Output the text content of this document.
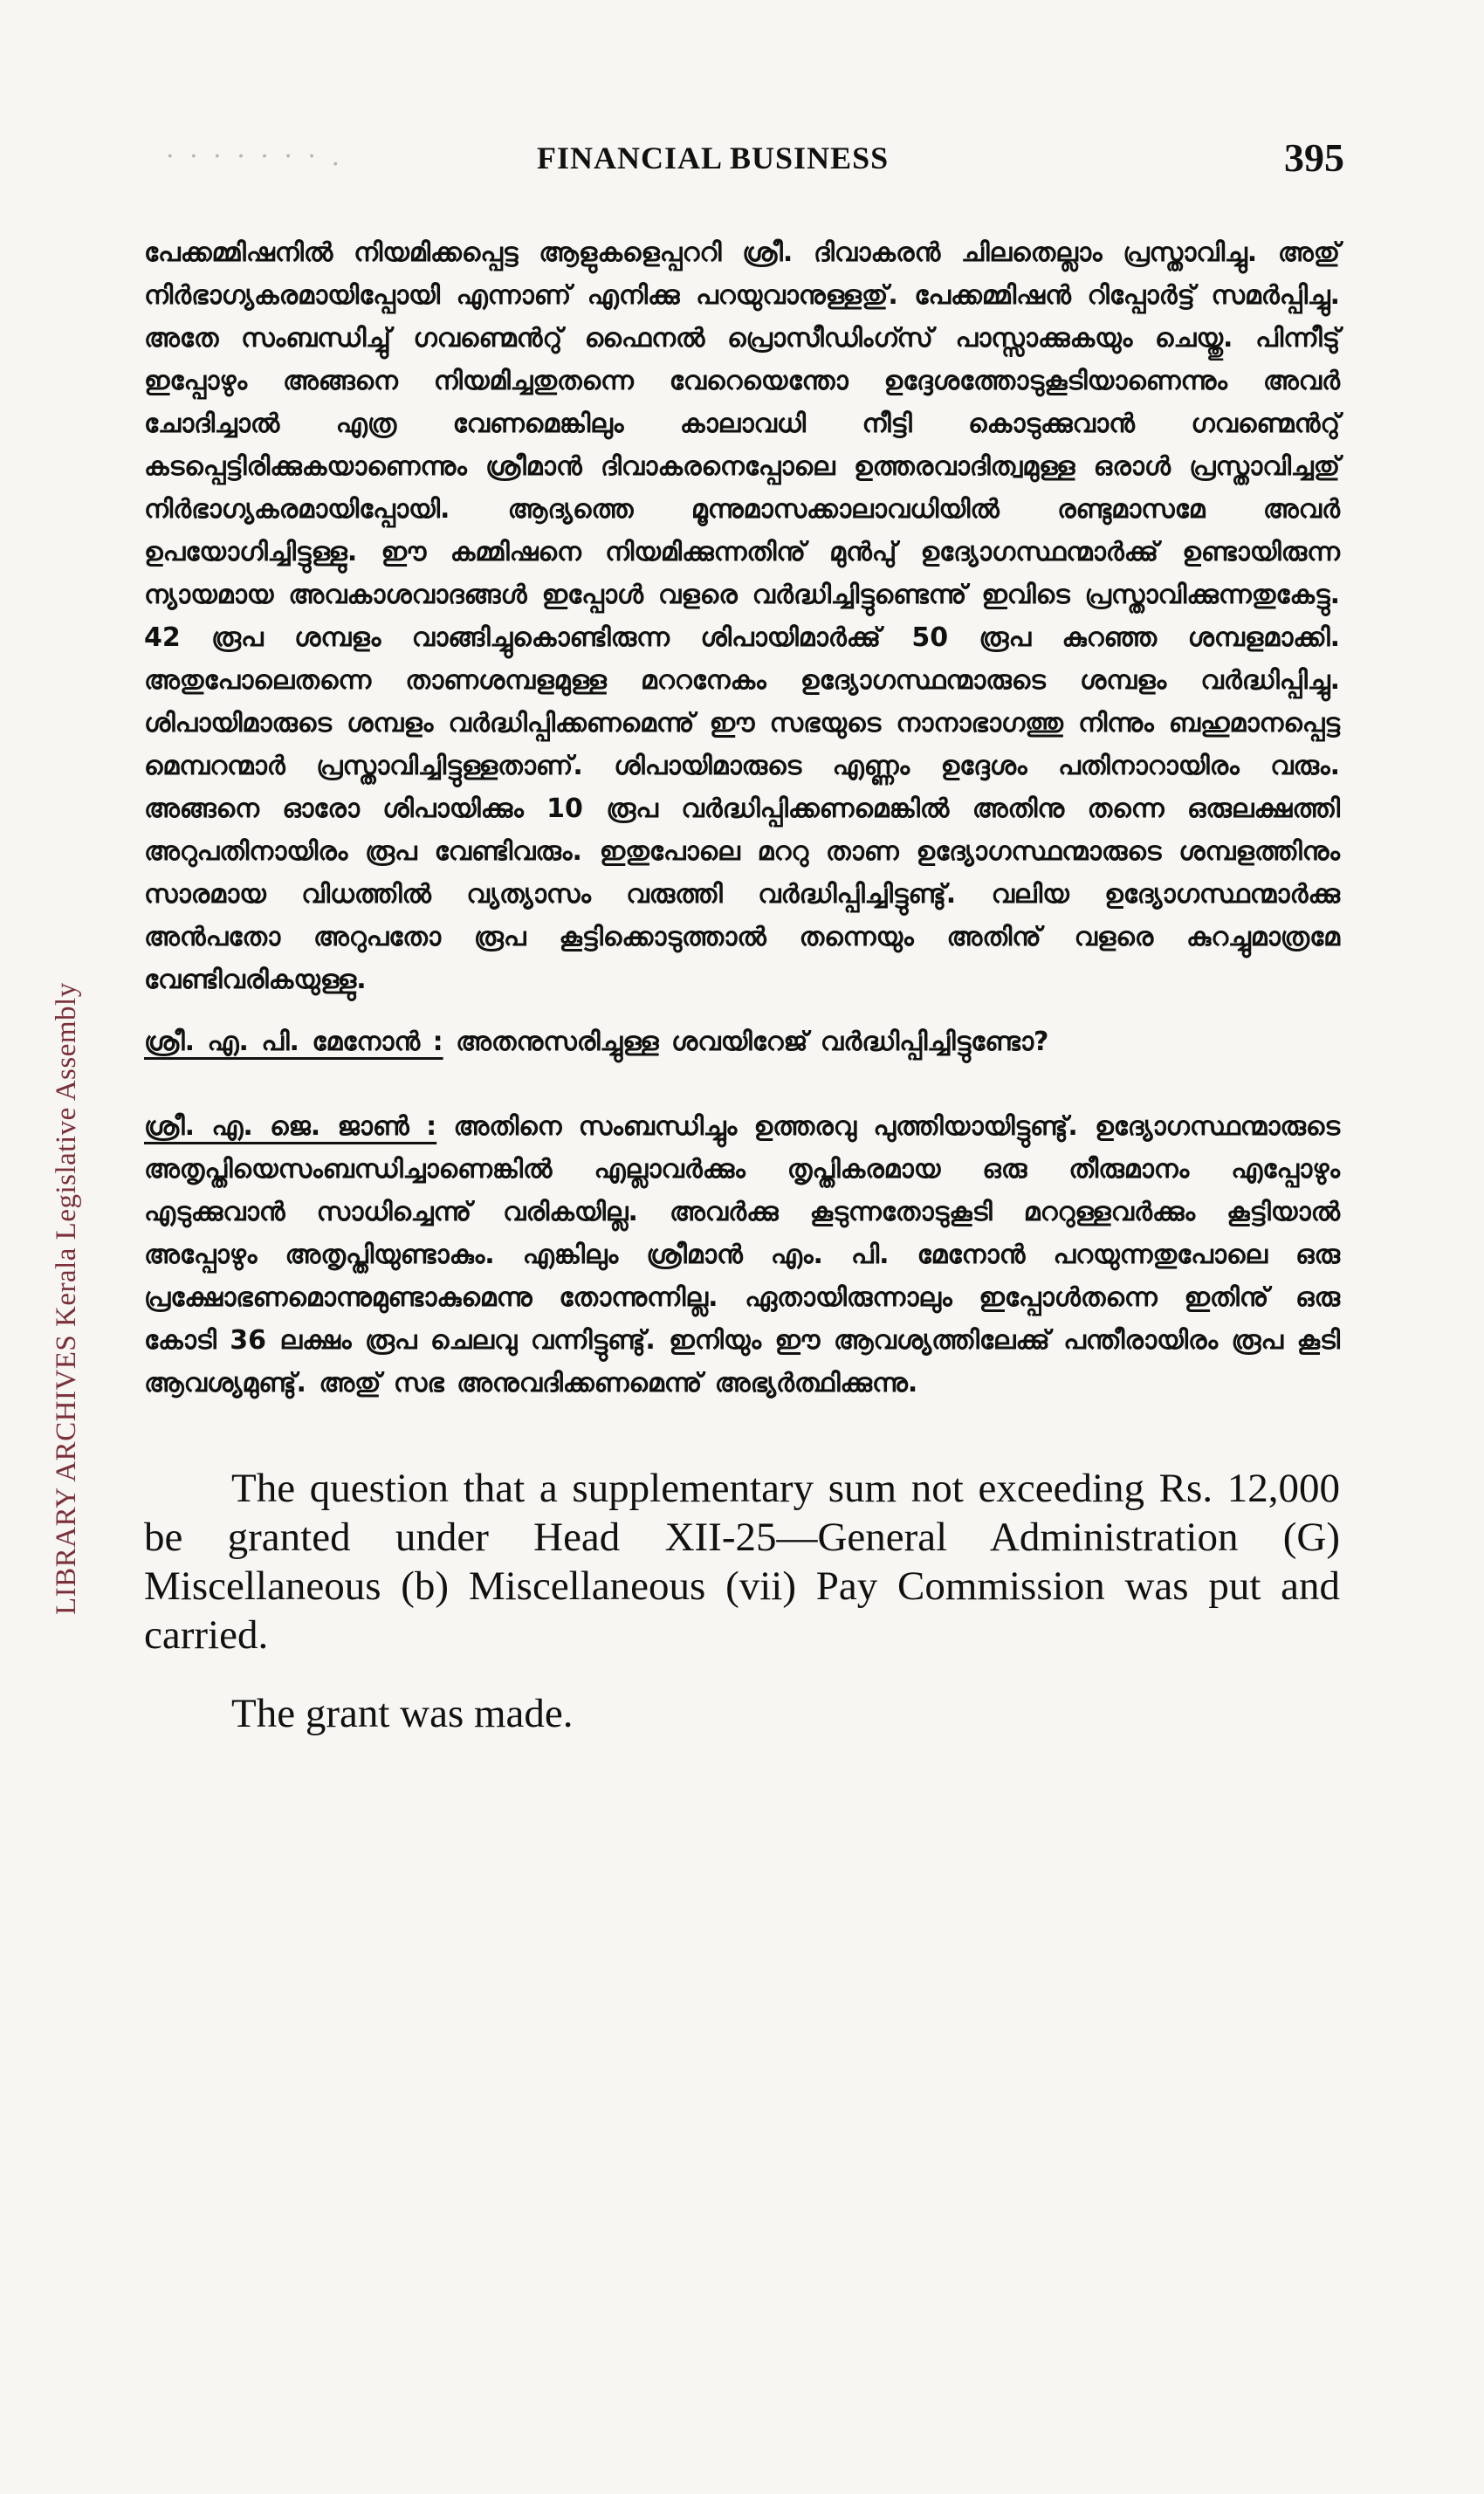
LIBRARY ARCHIVES Kerala Legislative Assembly
· · · · · · · .	FINANCIAL BUSINESS	395

പേക്കമ്മിഷനിൽ നിയമിക്കപ്പെട്ട ആളുകളെപ്പററി ശ്രീ. ദിവാകരൻ ചിലതെല്ലാം പ്രസ്താവിച്ചു. അതു് നിർഭാഗ്യകരമായിപ്പോയി എന്നാണ് എനിക്കു പറയുവാനുള്ളതു്. പേക്കമ്മിഷൻ റിപ്പോർട്ട് സമർപ്പിച്ചു. അതേ സംബന്ധിച്ചു് ഗവണ്മെൻറു് ഫൈനൽ പ്രൊസീഡിംഗ്സ് പാസ്സാക്കുകയും ചെയ്തു. പിന്നീടു് ഇപ്പോഴും അങ്ങനെ നിയമിച്ചതുതന്നെ വേറെയെന്തോ ഉദ്ദേശത്തോടുകൂടിയാണെന്നും അവർ ചോദിച്ചാൽ എത്ര വേണമെങ്കിലും കാലാവധി നീട്ടി കൊടുക്കുവാൻ ഗവണ്മെൻറു് കടപ്പെട്ടിരിക്കുകയാണെന്നും ശ്രീമാൻ ദിവാകരനെപ്പോലെ ഉത്തരവാദിത്വമുള്ള ഒരാൾ പ്രസ്താവിച്ചതു് നിർഭാഗ്യകരമായിപ്പോയി. ആദ്യത്തെ മൂന്നുമാസക്കാലാവധിയിൽ രണ്ടുമാസമേ അവർ ഉപയോഗിച്ചിട്ടുള്ളു. ഈ കമ്മിഷനെ നിയമിക്കുന്നതിനു് മുൻപു് ഉദ്യോഗസ്ഥന്മാർക്കു് ഉണ്ടായിരുന്ന ന്യായമായ അവകാശവാദങ്ങൾ ഇപ്പോൾ വളരെ വർദ്ധിച്ചിട്ടുണ്ടെന്നു് ഇവിടെ പ്രസ്താവിക്കുന്നതുകേട്ടു. 42 രൂപ ശമ്പളം വാങ്ങിച്ചുകൊണ്ടിരുന്ന ശിപായിമാർക്കു് 50 രൂപ കുറഞ്ഞ ശമ്പളമാക്കി. അതുപോലെതന്നെ താണശമ്പളമുള്ള മററനേകം ഉദ്യോഗസ്ഥന്മാരുടെ ശമ്പളം വർദ്ധിപ്പിച്ചു. ശിപായിമാരുടെ ശമ്പളം വർദ്ധിപ്പിക്കണമെന്നു് ഈ സഭയുടെ നാനാഭാഗത്തു നിന്നും ബഹുമാനപ്പെട്ട മെമ്പറന്മാർ പ്രസ്താവിച്ചിട്ടുള്ളതാണ്. ശിപായിമാരുടെ എണ്ണം ഉദ്ദേശം പതിനാറായിരം വരും. അങ്ങനെ ഓരോ ശിപായിക്കും 10 രൂപ വർദ്ധിപ്പിക്കണമെങ്കിൽ അതിനു തന്നെ ഒരുലക്ഷത്തി അറുപതിനായിരം രൂപ വേണ്ടിവരും. ഇതുപോലെ മററു താണ ഉദ്യോഗസ്ഥന്മാരുടെ ശമ്പളത്തിനും സാരമായ വിധത്തിൽ വ്യത്യാസം വരുത്തി വർദ്ധിപ്പിച്ചിട്ടുണ്ടു്. വലിയ ഉദ്യോഗസ്ഥന്മാർക്കു അൻപതോ അറുപതോ രൂപ കൂട്ടിക്കൊടുത്താൽ തന്നെയും അതിനു് വളരെ കുറച്ചുമാത്രമേ വേണ്ടിവരികയുള്ളു.

ശ്രീ. എ. പി. മേനോൻ : അതനുസരിച്ചുള്ള ശവയിറേജ് വർദ്ധിപ്പിച്ചിട്ടുണ്ടോ?

ശ്രീ. എ. ജെ. ജാൺ : അതിനെ സംബന്ധിച്ചും ഉത്തരവു പുത്തിയായിട്ടുണ്ടു്. ഉദ്യോഗസ്ഥന്മാരുടെ അതൃപ്തിയെസംബന്ധിച്ചാണെങ്കിൽ എല്ലാവർക്കും തൃപ്തികരമായ ഒരു തീരുമാനം എപ്പോഴും എടുക്കുവാൻ സാധിച്ചെന്നു് വരികയില്ല. അവർക്കു കൂടുന്നതോടുകൂടി മററുള്ളവർക്കും കൂട്ടിയാൽ അപ്പോഴും അതൃപ്തിയുണ്ടാകും. എങ്കിലും ശ്രീമാൻ എം. പി. മേനോൻ പറയുന്നതുപോലെ ഒരു പ്രക്ഷോഭണമൊന്നുമുണ്ടാകുമെന്നു തോന്നുന്നില്ല. ഏതായിരുന്നാലും ഇപ്പോൾതന്നെ ഇതിനു് ഒരു കോടി 36 ലക്ഷം രൂപ ചെലവു വന്നിട്ടുണ്ടു്. ഇനിയും ഈ ആവശ്യത്തിലേക്കു് പന്തീരായിരം രൂപ കൂടി ആവശ്യമുണ്ടു്. അതു് സഭ അനുവദിക്കണമെന്നു് അഭ്യർത്ഥിക്കുന്നു.

The question that a supplementary sum not exceeding Rs. 12,000 be granted under Head XII-25—General Administration (G) Miscellaneous (b) Miscellaneous (vii) Pay Commission was put and carried.

The grant was made.
